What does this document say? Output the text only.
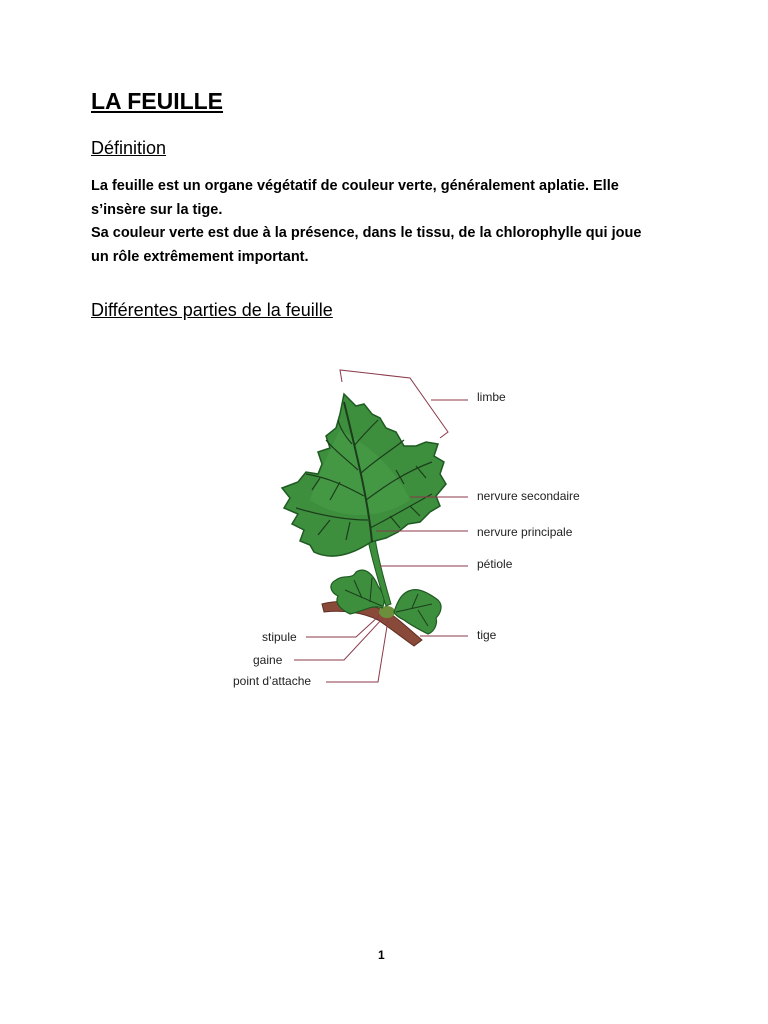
LA FEUILLE
Définition

La feuille est un organe végétatif de couleur verte, généralement aplatie. Elle
s’insère sur la tige.
Sa couleur verte est due à la présence, dans le tissu, de la chlorophylle qui joue
un rôle extrêmement important.

Différentes parties de la feuille
limbe
nervure secondaire
nervure principale
pétiole
tige
stipule
gaine
point d’attache
1
